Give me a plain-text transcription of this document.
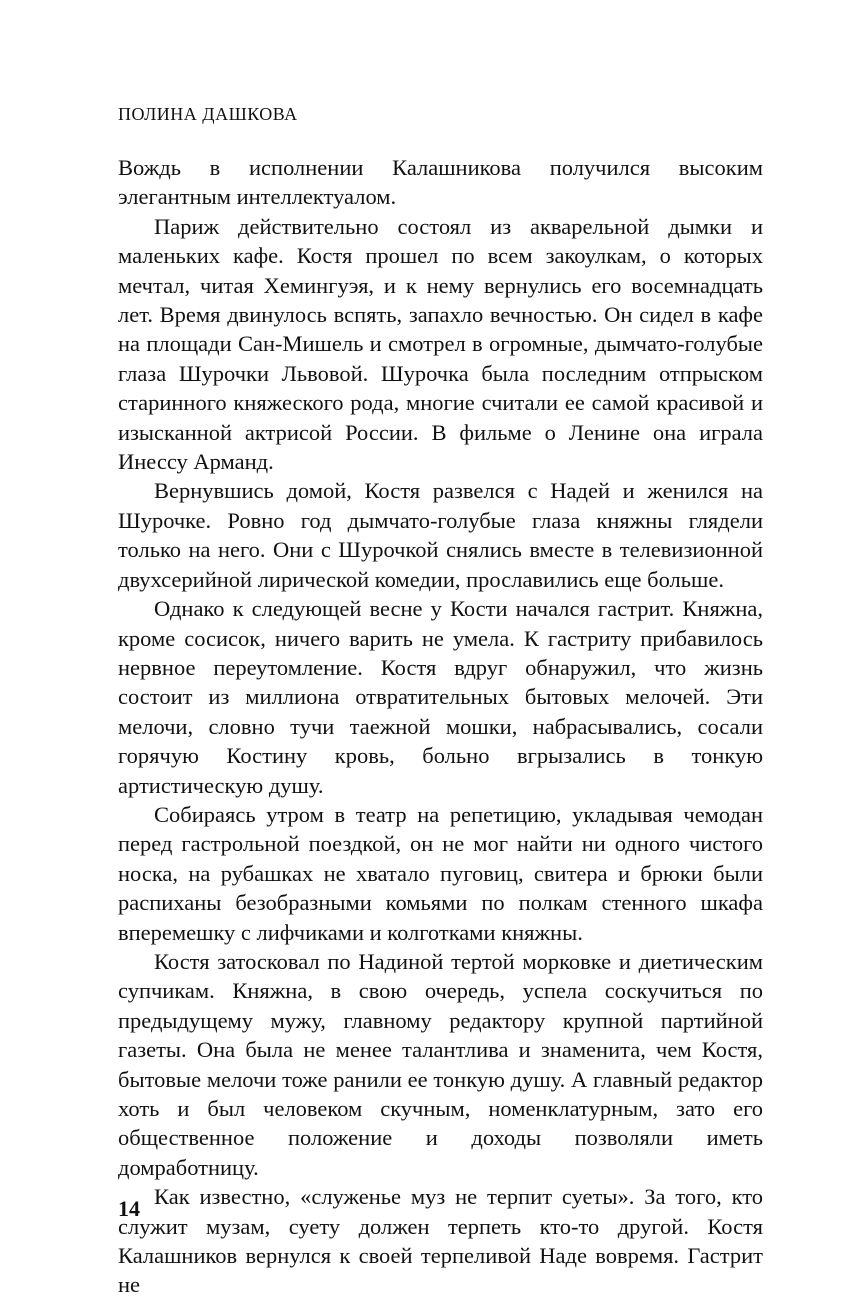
ПОЛИНА ДАШКОВА

Вождь в исполнении Калашникова получился высоким элегантным интеллектуалом.

Париж действительно состоял из акварельной дымки и маленьких кафе. Костя прошел по всем закоулкам, о которых мечтал, читая Хемингуэя, и к нему вернулись его восемнадцать лет. Время двинулось вспять, запахло вечностью. Он сидел в кафе на площади Сан-Мишель и смотрел в огромные, дымчато-голубые глаза Шурочки Львовой. Шурочка была последним отпрыском старинного княжеского рода, многие считали ее самой красивой и изысканной актрисой России. В фильме о Ленине она играла Инессу Арманд.

Вернувшись домой, Костя развелся с Надей и женился на Шурочке. Ровно год дымчато-голубые глаза княжны глядели только на него. Они с Шурочкой снялись вместе в телевизионной двухсерийной лирической комедии, прославились еще больше.

Однако к следующей весне у Кости начался гастрит. Княжна, кроме сосисок, ничего варить не умела. К гастриту прибавилось нервное переутомление. Костя вдруг обнаружил, что жизнь состоит из миллиона отвратительных бытовых мелочей. Эти мелочи, словно тучи таежной мошки, набрасывались, сосали горячую Костину кровь, больно вгрызались в тонкую артистическую душу.

Собираясь утром в театр на репетицию, укладывая чемодан перед гастрольной поездкой, он не мог найти ни одного чистого носка, на рубашках не хватало пуговиц, свитера и брюки были распиханы безобразными комьями по полкам стенного шкафа вперемешку с лифчиками и колготками княжны.

Костя затосковал по Надиной тертой морковке и диетическим супчикам. Княжна, в свою очередь, успела соскучиться по предыдущему мужу, главному редактору крупной партийной газеты. Она была не менее талантлива и знаменита, чем Костя, бытовые мелочи тоже ранили ее тонкую душу. А главный редактор хоть и был человеком скучным, номенклатурным, зато его общественное положение и доходы позволяли иметь домработницу.

Как известно, «служенье муз не терпит суеты». За того, кто служит музам, суету должен терпеть кто-то другой. Костя Калашников вернулся к своей терпеливой Наде вовремя. Гастрит не

14
